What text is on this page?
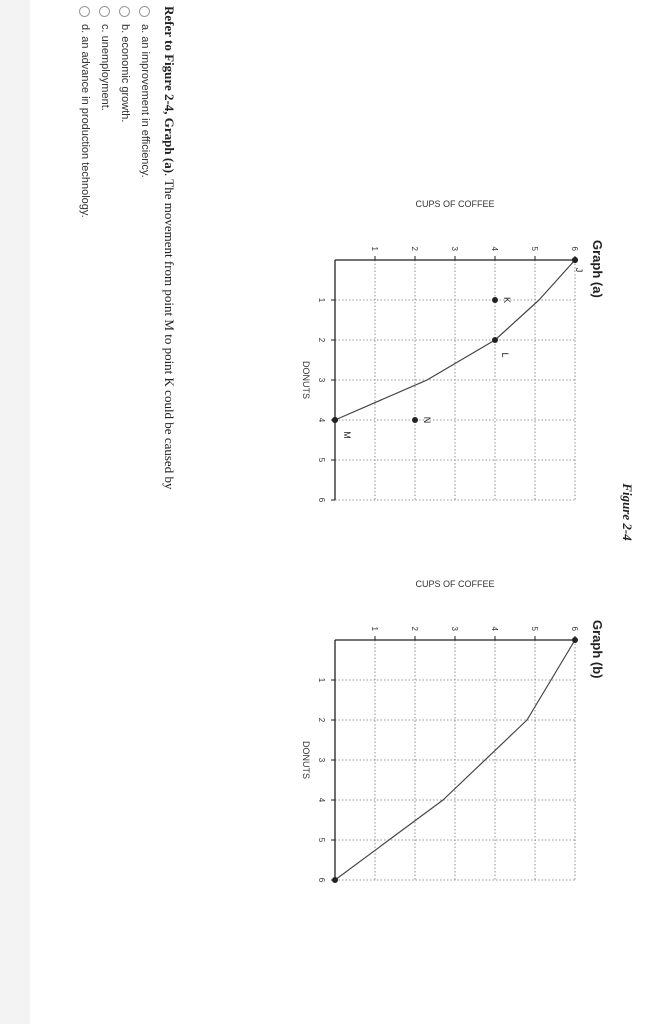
Figure 2-4
Graph (a)
Graph (b)
1
2
3
4
5
6
1	2	3	4	5	6
DONUTS
CUPS OF COFFEE
J
K
L
N
M
1
2
3
4
5
6
1	2	3	4	5	6
DONUTS
CUPS OF COFFEE
Refer to Figure 2-4, Graph (a). The movement from point M to point K could be caused by
a. an improvement in efficiency.
b. economic growth.
c. unemployment.
d. an advance in production technology.
